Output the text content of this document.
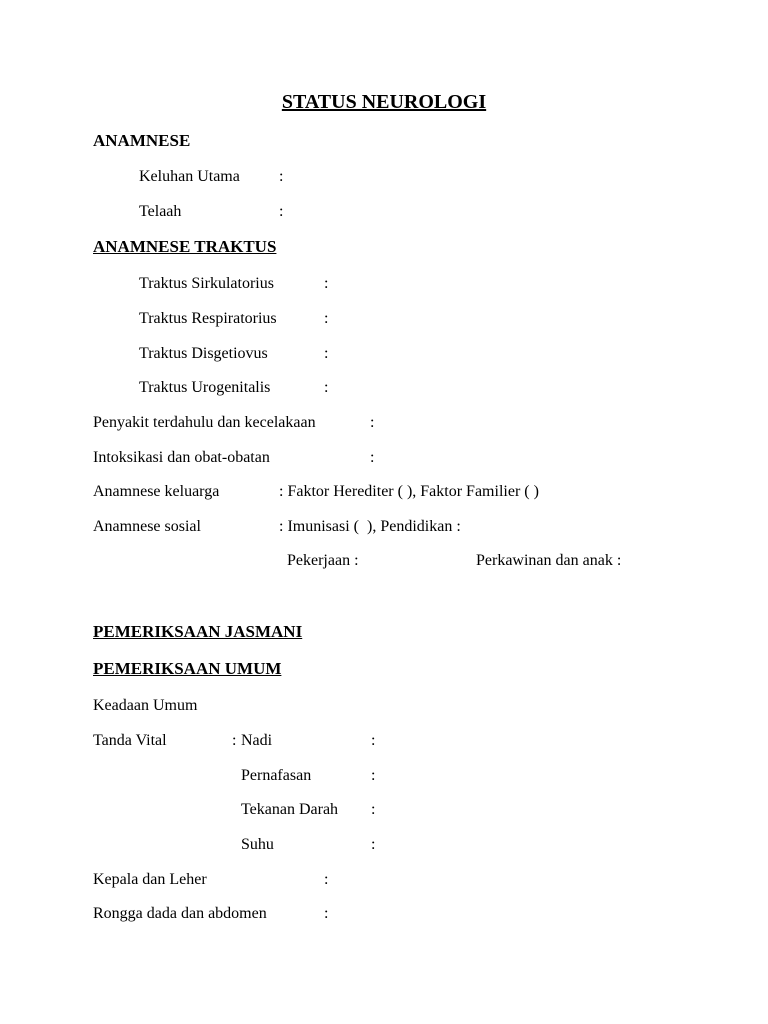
STATUS NEUROLOGI
ANAMNESE
Keluhan Utama :
Telaah	:
ANAMNESE TRAKTUS
Traktus Sirkulatorius	:
Traktus Respiratorius	:
Traktus Disgetiovus	:
Traktus Urogenitalis	:
Penyakit terdahulu dan kecelakaan	:
Intoksikasi dan obat-obatan	:
Anamnese keluarga	: Faktor Herediter ( ), Faktor Familier ( )
Anamnese sosial	: Imunisasi (  ), Pendidikan :
Pekerjaan :	Perkawinan dan anak :
PEMERIKSAAN JASMANI
PEMERIKSAAN UMUM
Keadaan Umum
Tanda Vital	: Nadi	:
Pernafasan	:
Tekanan Darah :
Suhu	:
Kepala dan Leher	:
Rongga dada dan abdomen	:
